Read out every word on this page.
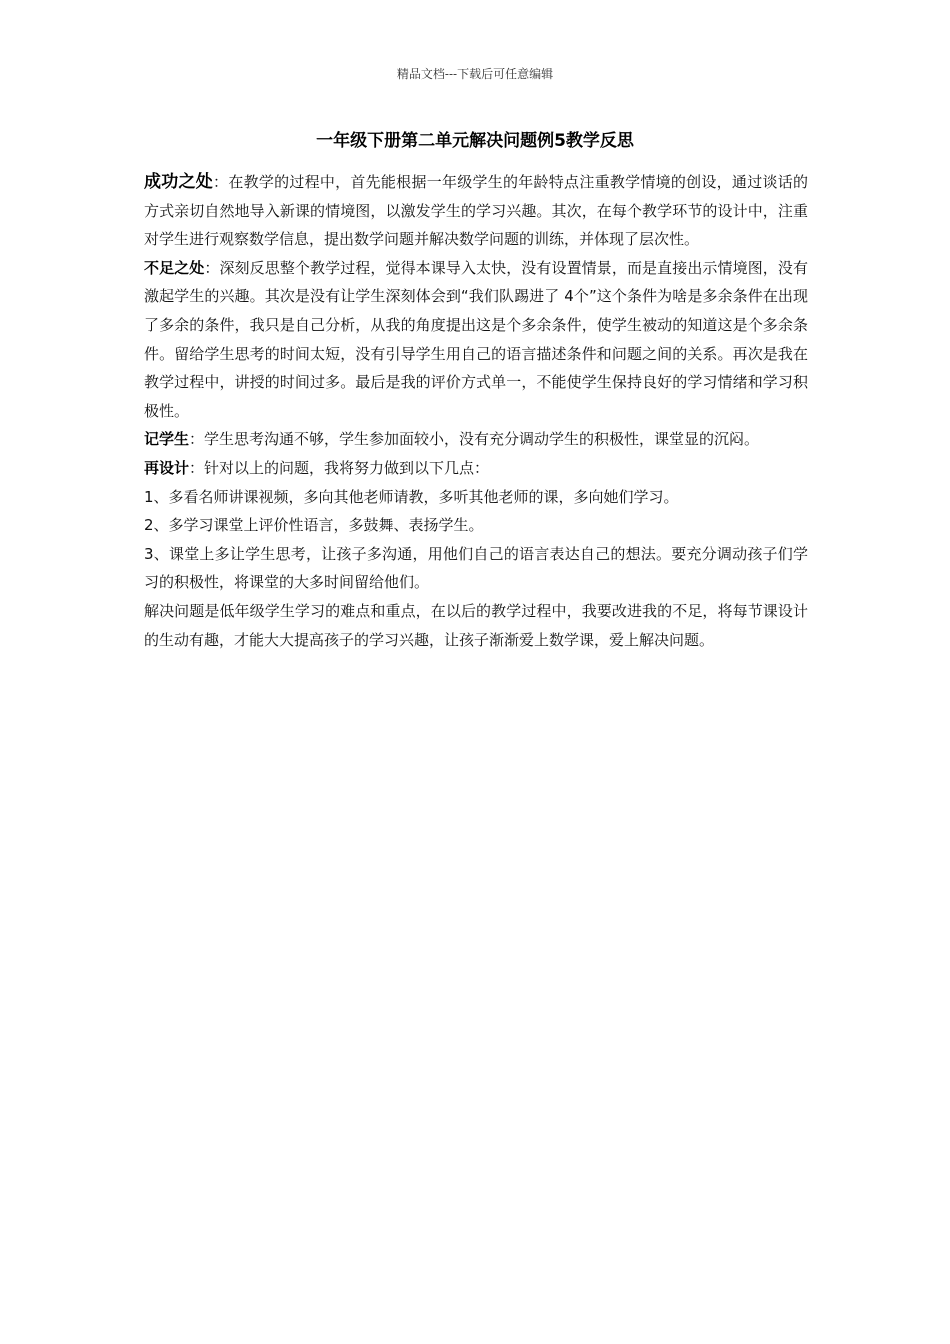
精品文档---下载后可任意编辑
一年级下册第二单元解决问题例5教学反思

成功之处：在教学的过程中，首先能根据一年级学生的年龄特点注重教学情境的创设，通过谈话的方式亲切自然地导入新课的情境图，以激发学生的学习兴趣。其次，在每个教学环节的设计中，注重对学生进行观察数学信息，提出数学问题并解决数学问题的训练，并体现了层次性。

不足之处：深刻反思整个教学过程，觉得本课导入太快，没有设置情景，而是直接出示情境图，没有激起学生的兴趣。其次是没有让学生深刻体会到“我们队踢进了 4个”这个条件为啥是多余条件在出现了多余的条件，我只是自己分析，从我的角度提出这是个多余条件，使学生被动的知道这是个多余条件。留给学生思考的时间太短，没有引导学生用自己的语言描述条件和问题之间的关系。再次是我在教学过程中，讲授的时间过多。最后是我的评价方式单一，不能使学生保持良好的学习情绪和学习积极性。

记学生：学生思考沟通不够，学生参加面较小，没有充分调动学生的积极性，课堂显的沉闷。

再设计：针对以上的问题，我将努力做到以下几点：

1、多看名师讲课视频，多向其他老师请教，多听其他老师的课，多向她们学习。

2、多学习课堂上评价性语言，多鼓舞、表扬学生。

3、课堂上多让学生思考，让孩子多沟通，用他们自己的语言表达自己的想法。要充分调动孩子们学习的积极性，将课堂的大多时间留给他们。

解决问题是低年级学生学习的难点和重点，在以后的教学过程中，我要改进我的不足，将每节课设计的生动有趣，才能大大提高孩子的学习兴趣，让孩子渐渐爱上数学课，爱上解决问题。
